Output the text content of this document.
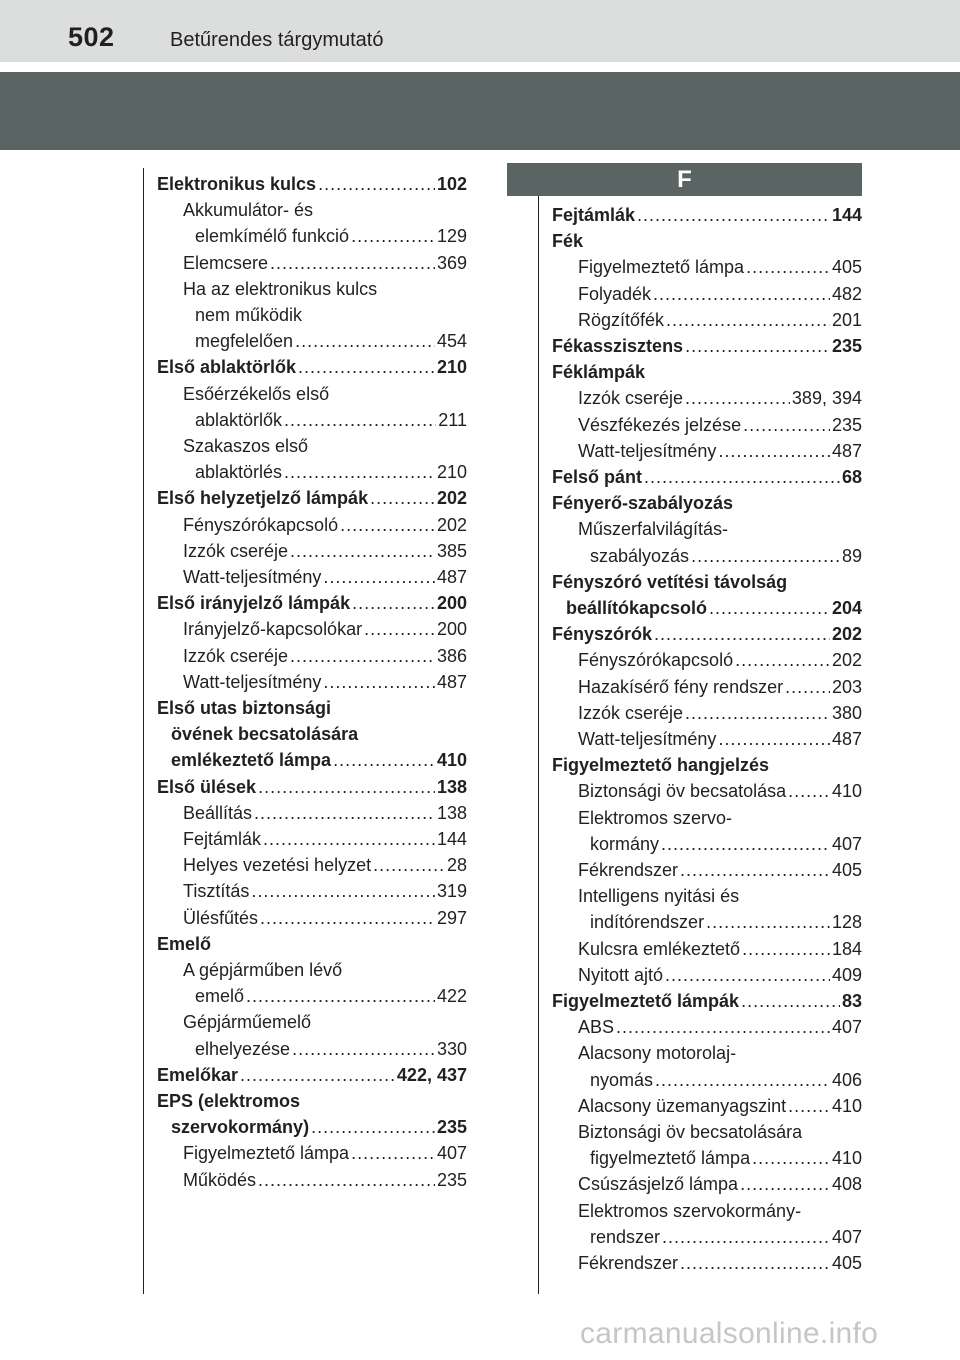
502	Betűrendes tárgymutató
F
Elektronikus kulcs .....	102
Akkumulátor- és
elemkímélő funkció .....	129
Elemcsere .....	369
Ha az elektronikus kulcs
nem működik
megfelelően .....	454
Első ablaktörlők .....	210
Esőérzékelős első
ablaktörlők .....	211
Szakaszos első
ablaktörlés .....	210
Első helyzetjelző lámpák .....	202
Fényszórókapcsoló .....	202
Izzók cseréje .....	385
Watt-teljesítmény .....	487
Első irányjelző lámpák .....	200
Irányjelző-kapcsolókar .....	200
Izzók cseréje .....	386
Watt-teljesítmény .....	487
Első utas biztonsági
övének becsatolására
emlékeztető lámpa .....	410
Első ülések .....	138
Beállítás .....	138
Fejtámlák .....	144
Helyes vezetési helyzet .....	28
Tisztítás .....	319
Ülésfűtés .....	297
Emelő
A gépjárműben lévő
emelő .....	422
Gépjárműemelő
elhelyezése .....	330
Emelőkar .....	422, 437
EPS (elektromos
szervokormány) .....	235
Figyelmeztető lámpa .....	407
Működés .....	235
Fejtámlák .....	144
Fék
Figyelmeztető lámpa .....	405
Folyadék .....	482
Rögzítőfék .....	201
Fékasszisztens .....	235
Féklámpák
Izzók cseréje .....	389, 394
Vészfékezés jelzése .....	235
Watt-teljesítmény .....	487
Felső pánt .....	68
Fényerő-szabályozás
Műszerfalvilágítás-
szabályozás .....	89
Fényszóró vetítési távolság
beállítókapcsoló .....	204
Fényszórók .....	202
Fényszórókapcsoló .....	202
Hazakísérő fény rendszer .....	203
Izzók cseréje .....	380
Watt-teljesítmény .....	487
Figyelmeztető hangjelzés
Biztonsági öv becsatolása .....	410
Elektromos szervo-
kormány .....	407
Fékrendszer .....	405
Intelligens nyitási és
indítórendszer .....	128
Kulcsra emlékeztető .....	184
Nyitott ajtó .....	409
Figyelmeztető lámpák .....	83
ABS .....	407
Alacsony motorolaj-
nyomás .....	406
Alacsony üzemanyagszint .....	410
Biztonsági öv becsatolására
figyelmeztető lámpa .....	410
Csúszásjelző lámpa .....	408
Elektromos szervokormány-
rendszer .....	407
Fékrendszer .....	405
carmanualsonline.info
